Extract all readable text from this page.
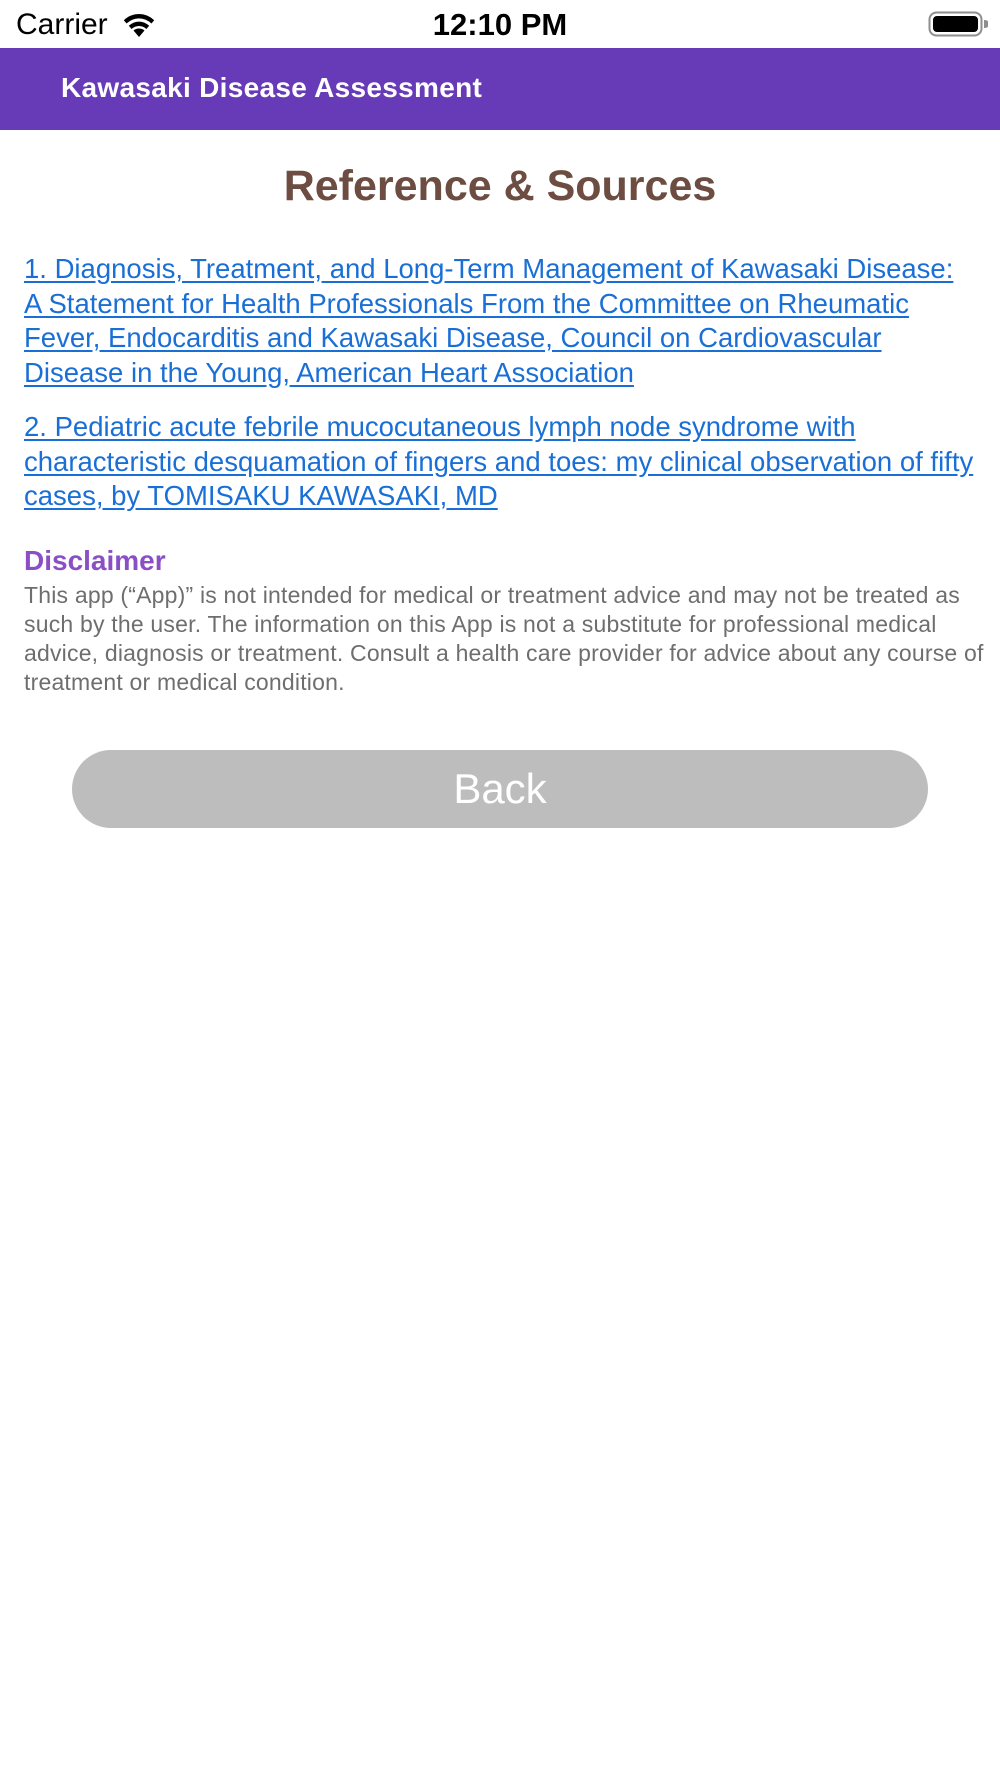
Carrier	12:10 PM
Kawasaki Disease Assessment
Reference & Sources
1. Diagnosis, Treatment, and Long-Term Management of Kawasaki Disease: A Statement for Health Professionals From the Committee on Rheumatic Fever, Endocarditis and Kawasaki Disease, Council on Cardiovascular Disease in the Young, American Heart Association
2. Pediatric acute febrile mucocutaneous lymph node syndrome with characteristic desquamation of fingers and toes: my clinical observation of fifty cases, by TOMISAKU KAWASAKI, MD
Disclaimer
This app (“App)” is not intended for medical or treatment advice and may not be treated as such by the user. The information on this App is not a substitute for professional medical advice, diagnosis or treatment. Consult a health care provider for advice about any course of treatment or medical condition.
Back
